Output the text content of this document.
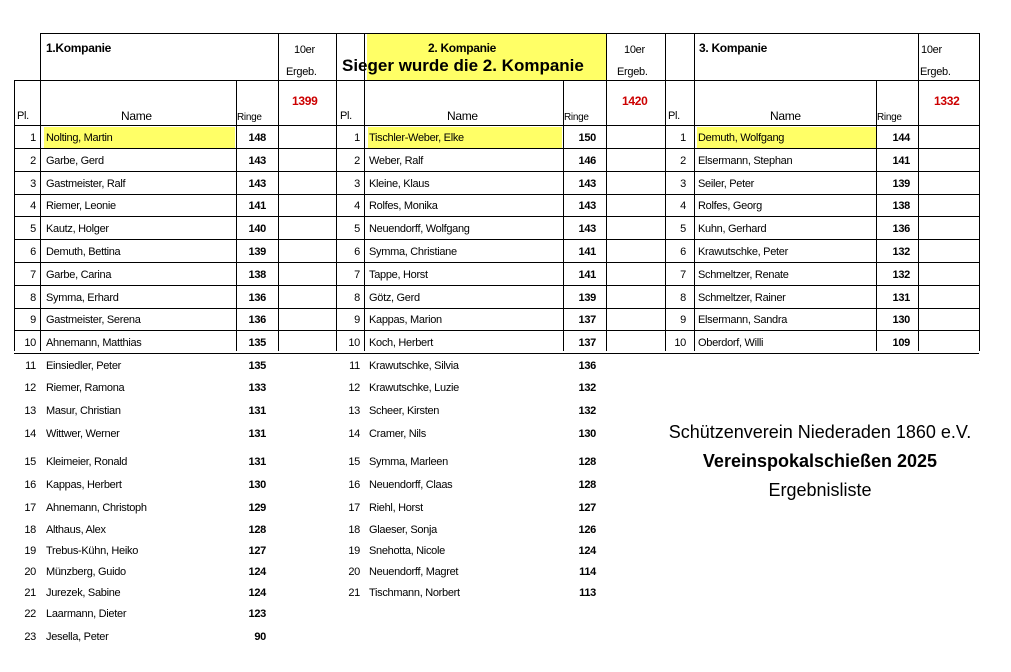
1.Kompanie	10er
Ergeb.
Pl.	Name	Ringe
1399
2. Kompanie
Sieger wurde die 2. Kompanie
10er
Ergeb.
Pl.	Name	Ringe
1420
3. Kompanie	10er
Ergeb.
Pl.	Name	Ringe
1332
1 Nolting, Martin	148
2 Garbe, Gerd	143
3 Gastmeister, Ralf	143
4 Riemer, Leonie	141
5 Kautz, Holger	140
6 Demuth, Bettina	139
7 Garbe, Carina	138
8 Symma, Erhard	136
9 Gastmeister, Serena	136
10 Ahnemann, Matthias	135
1 Tischler-Weber, Elke	150
2 Weber, Ralf	146
3 Kleine, Klaus	143
4 Rolfes, Monika	143
5 Neuendorff, Wolfgang	143
6 Symma, Christiane	141
7 Tappe, Horst	141
8 Götz, Gerd	139
9 Kappas, Marion	137
10 Koch, Herbert	137
1 Demuth, Wolfgang	144
2 Elsermann, Stephan	141
3 Seiler, Peter	139
4 Rolfes, Georg	138
5 Kuhn, Gerhard	136
6 Krawutschke, Peter	132
7 Schmeltzer, Renate	132
8 Schmeltzer, Rainer	131
9 Elsermann, Sandra	130
10 Oberdorf, Willi	109
11 Einsiedler, Peter	135
12 Riemer, Ramona	133
13 Masur, Christian	131
14 Wittwer, Werner	131
15 Kleimeier, Ronald	131
16 Kappas, Herbert	130
17 Ahnemann, Christoph	129
18 Althaus, Alex	128
19 Trebus-Kühn, Heiko	127
20 Münzberg, Guido	124
21 Jurezek, Sabine	124
22 Laarmann, Dieter	123
23 Jesella, Peter	90
11 Krawutschke, Silvia	136
12 Krawutschke, Luzie	132
13 Scheer, Kirsten	132
14 Cramer, Nils	130
15 Symma, Marleen	128
16 Neuendorff, Claas	128
17 Riehl, Horst	127
18 Glaeser, Sonja	126
19 Snehotta, Nicole	124
20 Neuendorff, Magret	114
21 Tischmann, Norbert	113
Schützenverein Niederaden 1860 e.V.
Vereinspokalschießen 2025
Ergebnisliste
